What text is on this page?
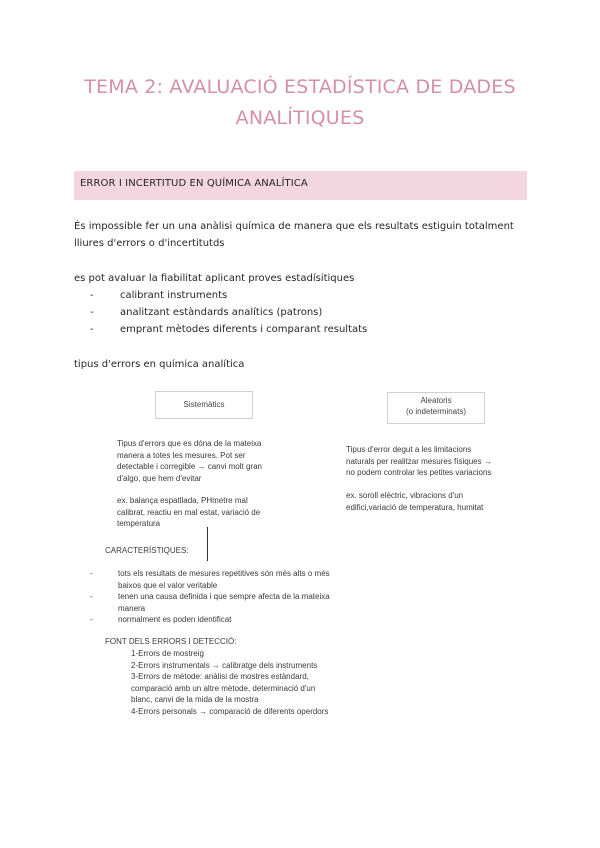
TEMA 2: AVALUACIÓ ESTADÍSTICA DE DADES
ANALÍTIQUES
ERROR I INCERTITUD EN QUÍMICA ANALÍTICA
És impossible fer un una anàlisi química de manera que els resultats estiguin totalment
lliures d'errors o d'incertitutds
es pot avaluar la fiabilitat aplicant proves estadísitiques
-	calibrant instruments
-	analitzant estàndards analítics (patrons)
-	emprant mètodes diferents i comparant resultats
tipus d'errors en química analítica
Sistemàtics	Aleatoris
(o indeterminats)
Tipus d'errors que es dóna de la mateixa
manera a totes les mesures. Pot ser
detectable i corregible → canvi molt gran
d'algo, que hem d'evitar
ex. balança espatllada, PHmetre mal
calibrat, reactiu en mal estat, variació de
temperatura
Tipus d'error degut a les limitacions
naturals per realitzar mesures físiques →
no podem controlar les petites variacions
ex. soroll elèctric, vibracions d'un
edifici,variació de temperatura, humitat
CARACTERÍSTIQUES:
-	tots els resultats de mesures repetitives són més alts o més
baixos que el valor veritable
-	tenen una causa definida i que sempre afecta de la mateixa
manera
-	normalment es poden identificat
FONT DELS ERRORS I DETECCIÓ:
1-Errors de mostreig
2-Errors instrumentals → calibratge dels instruments
3-Errors de mètode: anàlisi de mostres estàndard,
comparació amb un altre mètode, determinació d'un
blanc, canvi de la mida de la mostra
4-Errors personals → comparació de diferents operdors
